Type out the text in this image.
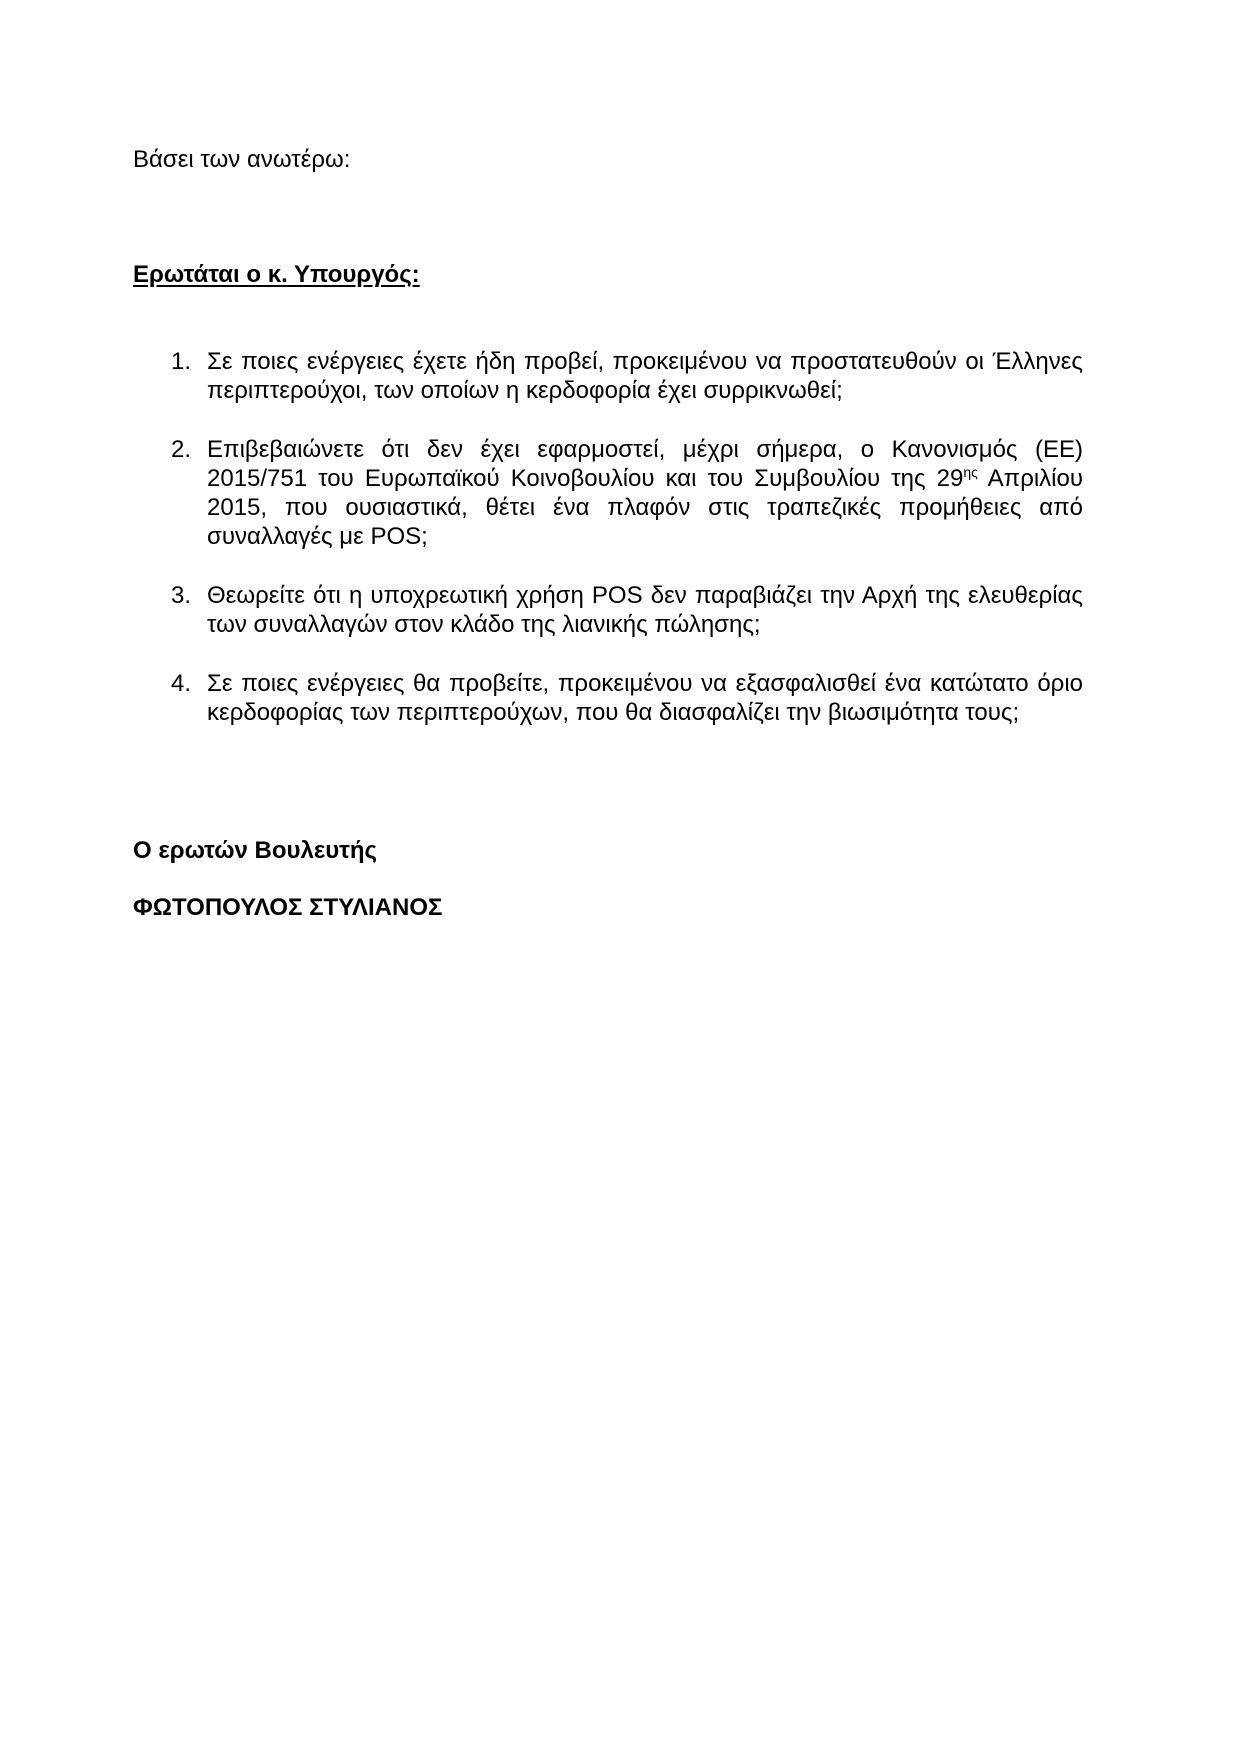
Βάσει των ανωτέρω:

Ερωτάται ο κ. Υπουργός:

1. Σε ποιες ενέργειες έχετε ήδη προβεί, προκειμένου να προστατευθούν οι Έλληνες περιπτερούχοι, των οποίων η κερδοφορία έχει συρρικνωθεί;
2. Επιβεβαιώνετε ότι δεν έχει εφαρμοστεί, μέχρι σήμερα, ο Κανονισμός (ΕΕ) 2015/751 του Ευρωπαϊκού Κοινοβουλίου και του Συμβουλίου της $29^{\eta\varsigma}$ Απριλίου 2015, που ουσιαστικά, θέτει ένα πλαφόν στις τραπεζικές προμήθειες από συναλλαγές με POS;
3. Θεωρείτε ότι η υποχρεωτική χρήση POS δεν παραβιάζει την Αρχή της ελευθερίας των συναλλαγών στον κλάδο της λιανικής πώλησης;
4. Σε ποιες ενέργειες θα προβείτε, προκειμένου να εξασφαλισθεί ένα κατώτατο όριο κερδοφορίας των περιπτερούχων, που θα διασφαλίζει την βιωσιμότητα τους;

Ο ερωτών Βουλευτής

ΦΩΤΟΠΟΥΛΟΣ ΣΤΥΛΙΑΝΟΣ
